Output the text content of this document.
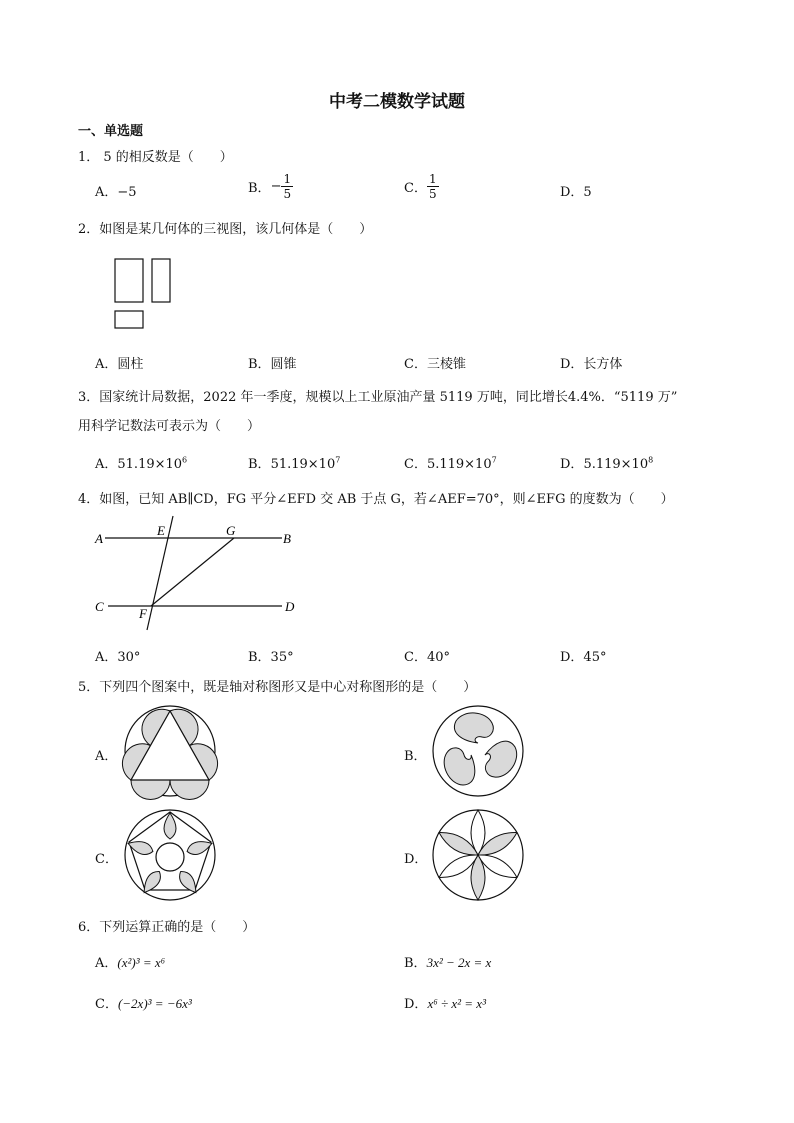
中考二模数学试题
一、单选题
1． 5 的相反数是（　　）
A．−5	B．− $\frac{1}{5}$	C． $\frac{1}{5}$	D．5
2．如图是某几何体的三视图，该几何体是（　　）
A．圆柱	B．圆锥	C．三棱锥	D．长方体
3．国家统计局数据，2022 年一季度，规模以上工业原油产量 5119 万吨，同比增长4.4%．“5119 万”
用科学记数法可表示为（　　）
A．$51.19\times 10^6$	B．$51.19\times 10^7$	C．$5.119\times 10^7$	D．$5.119\times 10^8$
4．如图，已知 AB∥CD，FG 平分∠EFD 交 AB 于点 G，若∠AEF=70°，则∠EFG 的度数为（　　）
A
E	G
B
C	F	D
A．30°	B．35°	C．40°	D．45°
5．下列四个图案中，既是轴对称图形又是中心对称图形的是（　　）
A．	B．
C．	D．
6．下列运算正确的是（　　）
A．(x²)³ = x⁶	B．3x² − 2x = x
C．(−2x)³ = −6x³	D．x⁶ ÷ x² = x³
